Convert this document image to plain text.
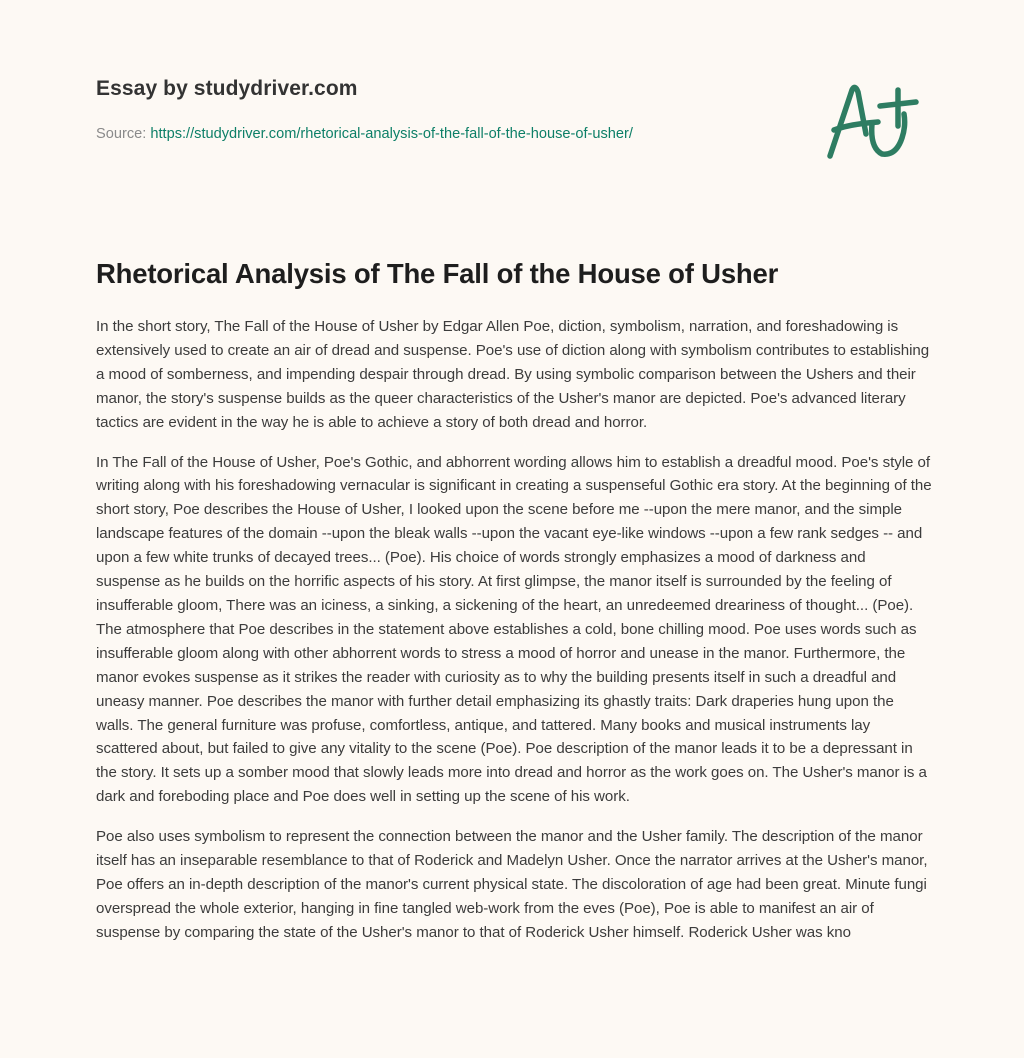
Essay by studydriver.com
Source: https://studydriver.com/rhetorical-analysis-of-the-fall-of-the-house-of-usher/
Rhetorical Analysis of The Fall of the House of Usher

In the short story, The Fall of the House of Usher by Edgar Allen Poe, diction, symbolism, narration, and foreshadowing is extensively used to create an air of dread and suspense. Poe's use of diction along with symbolism contributes to establishing a mood of somberness, and impending despair through dread. By using symbolic comparison between the Ushers and their manor, the story's suspense builds as the queer characteristics of the Usher's manor are depicted. Poe's advanced literary tactics are evident in the way he is able to achieve a story of both dread and horror.

In The Fall of the House of Usher, Poe's Gothic, and abhorrent wording allows him to establish a dreadful mood. Poe's style of writing along with his foreshadowing vernacular is significant in creating a suspenseful Gothic era story. At the beginning of the short story, Poe describes the House of Usher, I looked upon the scene before me --upon the mere manor, and the simple landscape features of the domain --upon the bleak walls --upon the vacant eye-like windows --upon a few rank sedges -- and upon a few white trunks of decayed trees... (Poe). His choice of words strongly emphasizes a mood of darkness and suspense as he builds on the horrific aspects of his story. At first glimpse, the manor itself is surrounded by the feeling of insufferable gloom, There was an iciness, a sinking, a sickening of the heart, an unredeemed dreariness of thought... (Poe). The atmosphere that Poe describes in the statement above establishes a cold, bone chilling mood. Poe uses words such as insufferable gloom along with other abhorrent words to stress a mood of horror and unease in the manor. Furthermore, the manor evokes suspense as it strikes the reader with curiosity as to why the building presents itself in such a dreadful and uneasy manner. Poe describes the manor with further detail emphasizing its ghastly traits: Dark draperies hung upon the walls. The general furniture was profuse, comfortless, antique, and tattered. Many books and musical instruments lay scattered about, but failed to give any vitality to the scene (Poe). Poe description of the manor leads it to be a depressant in the story. It sets up a somber mood that slowly leads more into dread and horror as the work goes on. The Usher's manor is a dark and foreboding place and Poe does well in setting up the scene of his work.

Poe also uses symbolism to represent the connection between the manor and the Usher family. The description of the manor itself has an inseparable resemblance to that of Roderick and Madelyn Usher. Once the narrator arrives at the Usher's manor, Poe offers an in-depth description of the manor's current physical state. The discoloration of age had been great. Minute fungi overspread the whole exterior, hanging in fine tangled web-work from the eves (Poe), Poe is able to manifest an air of suspense by comparing the state of the Usher's manor to that of Roderick Usher himself. Roderick Usher was kno
